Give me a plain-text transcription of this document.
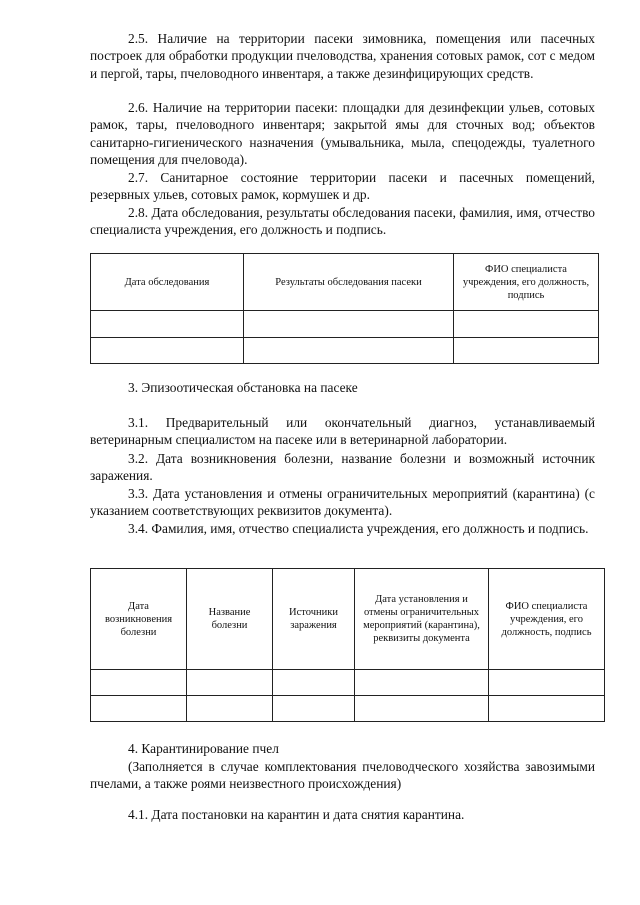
2.5. Наличие на территории пасеки зимовника, помещения или пасечных построек для обработки продукции пчеловодства, хранения сотовых рамок, сот с медом и пергой, тары, пчеловодного инвентаря, а также дезинфицирующих средств.

2.6. Наличие на территории пасеки: площадки для дезинфекции ульев, сотовых рамок, тары, пчеловодного инвентаря; закрытой ямы для сточных вод; объектов санитарно-гигиенического назначения (умывальника, мыла, спецодежды, туалетного помещения для пчеловода).

2.7. Санитарное состояние территории пасеки и пасечных помещений, резервных ульев, сотовых рамок, кормушек и др.

2.8. Дата обследования, результаты обследования пасеки, фамилия, имя, отчество специалиста учреждения, его должность и подпись.

Дата обследования	Результаты обследования пасеки	ФИО специалиста учреждения, его должность, подпись

3. Эпизоотическая обстановка на пасеке

3.1. Предварительный или окончательный диагноз, устанавливаемый ветеринарным специалистом на пасеке или в ветеринарной лаборатории.

3.2. Дата возникновения болезни, название болезни и возможный источник заражения.

3.3. Дата установления и отмены ограничительных мероприятий (карантина) (с указанием соответствующих реквизитов документа).

3.4. Фамилия, имя, отчество специалиста учреждения, его должность и подпись.

Дата возникновения болезни	Название болезни	Источники заражения	Дата установления и отмены ограничительных мероприятий (карантина), реквизиты документа	ФИО специалиста учреждения, его должность, подпись

4. Карантинирование пчел

(Заполняется в случае комплектования пчеловодческого хозяйства завозимыми пчелами, а также роями неизвестного происхождения)

4.1. Дата постановки на карантин и дата снятия карантина.
